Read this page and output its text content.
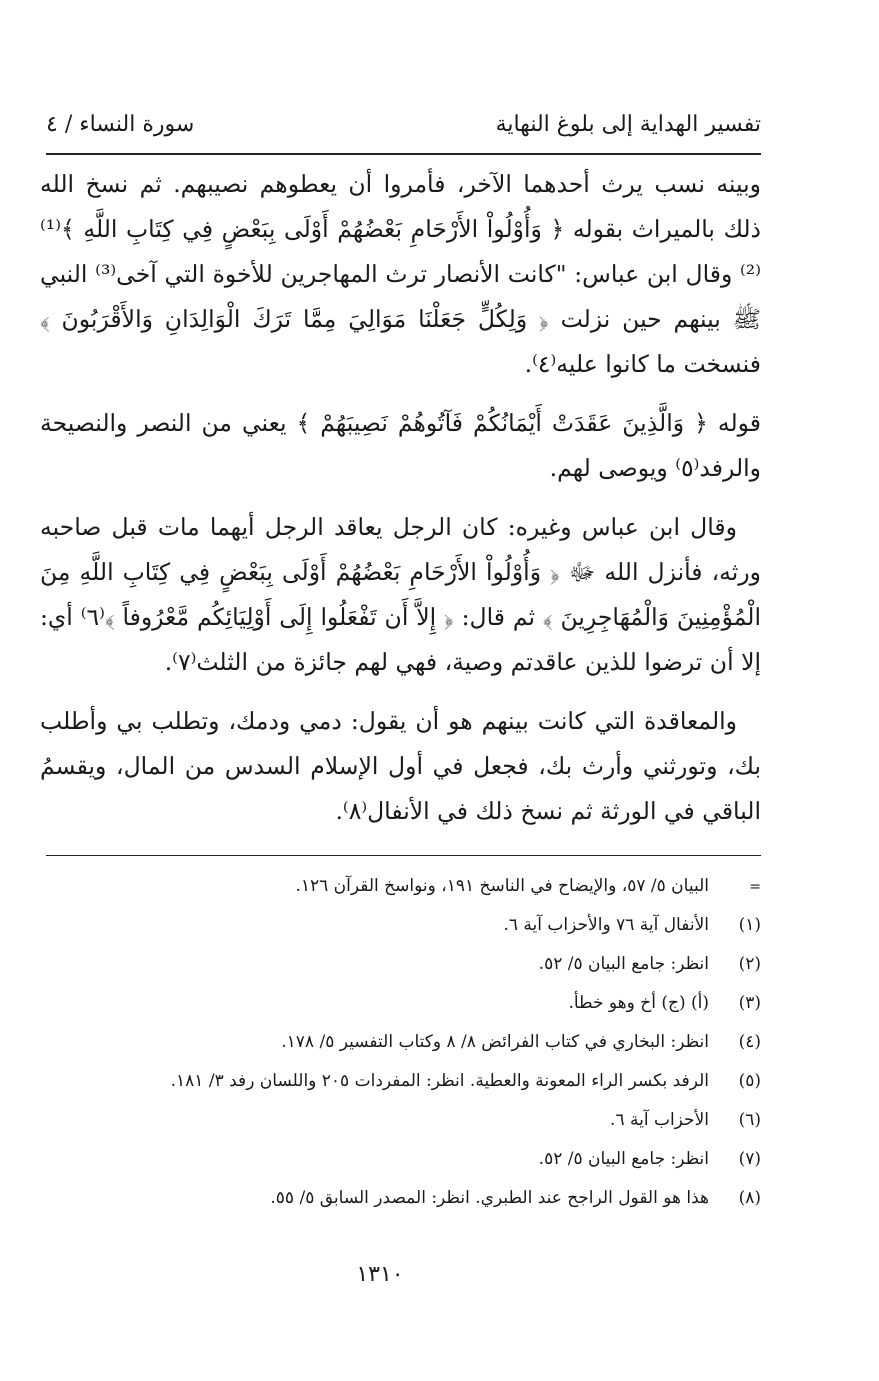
تفسير الهداية إلى بلوغ النهاية
سورة النساء / ٤

وبينه نسب يرث أحدهما الآخر، فأمروا أن يعطوهم نصيبهم. ثم نسخ الله ذلك بالميراث بقوله ﴿ وَأُوْلُواْ الأَرْحَامِ بَعْضُهُمْ أَوْلَى بِبَعْضٍ فِي كِتَابِ اللَّهِ ﴾⁽¹⁾⁽²⁾ وقال ابن عباس: "كانت الأنصار ترث المهاجرين للأخوة التي آخى⁽³⁾ النبي ﷺ بينهم حين نزلت ﴿ وَلِكُلٍّ جَعَلْنَا مَوَالِيَ مِمَّا تَرَكَ الْوَالِدَانِ وَالأَقْرَبُونَ ﴾ فنسخت ما كانوا عليه⁽٤⁾.

قوله ﴿ وَالَّذِينَ عَقَدَتْ أَيْمَانُكُمْ فَآتُوهُمْ نَصِيبَهُمْ ﴾ يعني من النصر والنصيحة والرفد⁽٥⁾ ويوصى لهم.

وقال ابن عباس وغيره: كان الرجل يعاقد الرجل أيهما مات قبل صاحبه ورثه، فأنزل الله ﷻ ﴿ وَأُوْلُواْ الأَرْحَامِ بَعْضُهُمْ أَوْلَى بِبَعْضٍ فِي كِتَابِ اللَّهِ مِنَ الْمُؤْمِنِينَ وَالْمُهَاجِرِينَ ﴾ ثم قال: ﴿ إِلاَّ أَن تَفْعَلُوا إِلَى أَوْلِيَائِكُم مَّعْرُوفاً ﴾⁽٦⁾ أي: إلا أن ترضوا للذين عاقدتم وصية، فهي لهم جائزة من الثلث⁽٧⁾.

والمعاقدة التي كانت بينهم هو أن يقول: دمي ودمك، وتطلب بي وأطلب بك، وتورثني وأرث بك، فجعل في أول الإسلام السدس من المال، ويقسمُ الباقي في الورثة ثم نسخ ذلك في الأنفال⁽٨⁾.

=
البيان ٥/ ٥٧، والإيضاح في الناسخ ١٩١، ونواسخ القرآن ١٢٦.
(١)
الأنفال آية ٧٦ والأحزاب آية ٦.
(٢)
انظر: جامع البيان ٥/ ٥٢.
(٣)
(أ) (ج) أخ وهو خطأ.
(٤)
انظر: البخاري في كتاب الفرائض ٨/ ٨ وكتاب التفسير ٥/ ١٧٨.
(٥)
الرفد بكسر الراء المعونة والعطية. انظر: المفردات ٢٠٥ واللسان رفد ٣/ ١٨١.
(٦)
الأحزاب آية ٦.
(٧)
انظر: جامع البيان ٥/ ٥٢.
(٨)
هذا هو القول الراجح عند الطبري. انظر: المصدر السابق ٥/ ٥٥.
١٣١٠
